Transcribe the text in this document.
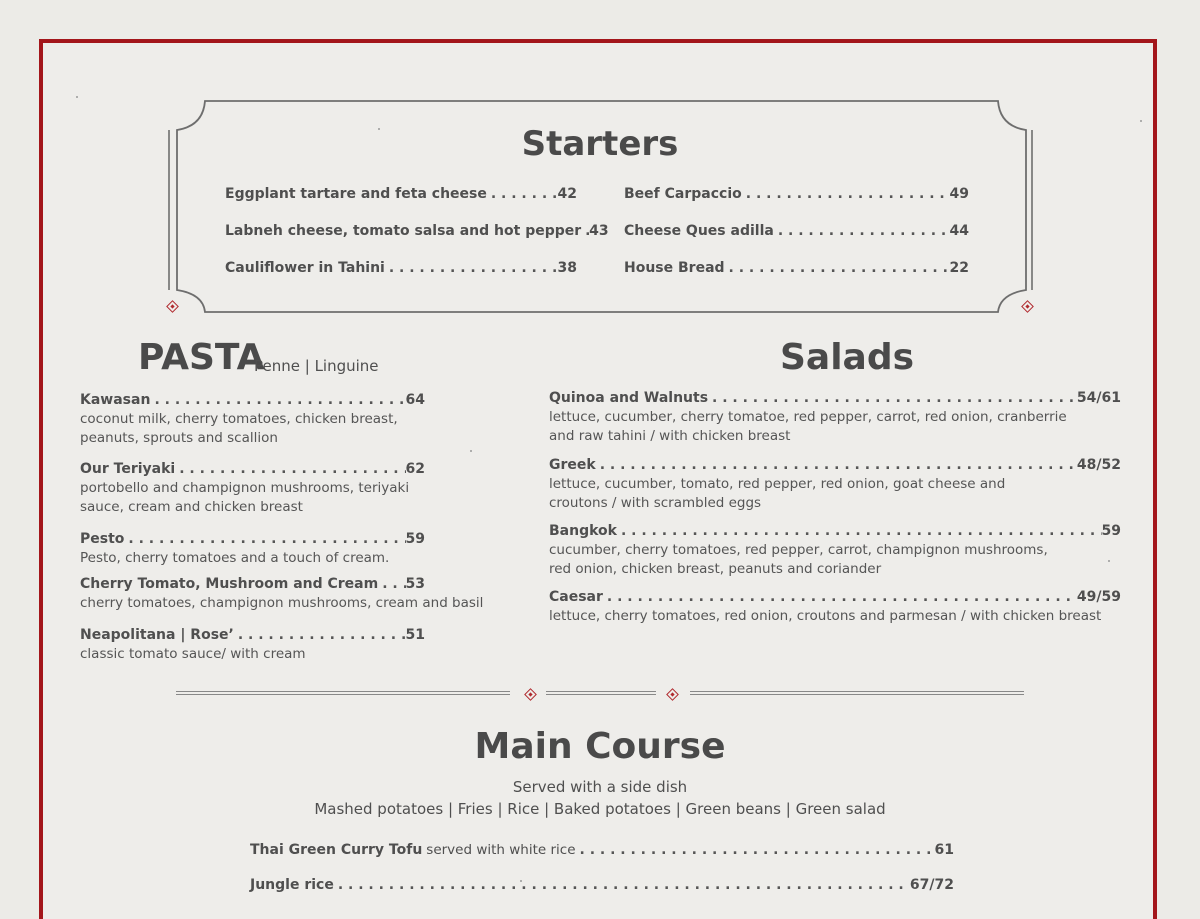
Starters
Eggplant tartare and feta cheese . . .	42
Labneh cheese, tomato salsa and hot pepper . . . 43
Cauliflower in Tahini . . .	38
Beef Carpaccio . . .	49
Cheese Ques adilla . . .	44
House Bread . . .	22
PASTA
Penne | Linguine
Kawasan . . .	64
coconut milk, cherry tomatoes, chicken breast,
peanuts, sprouts and scallion
Our Teriyaki . . .	62
portobello and champignon mushrooms, teriyaki
sauce, cream and chicken breast
Pesto . . .	59
Pesto, cherry tomatoes and a touch of cream.
Cherry Tomato, Mushroom and Cream . . . 53
cherry tomatoes, champignon mushrooms, cream and basil
Neapolitana | Rose’ . . .	51
classic tomato sauce/ with cream
Salads
Quinoa and Walnuts . . .	54/61
lettuce, cucumber, cherry tomatoe, red pepper, carrot, red onion, cranberrie
and raw tahini / with chicken breast
Greek . . .	48/52
lettuce, cucumber, tomato, red pepper, red onion, goat cheese and
croutons / with scrambled eggs
Bangkok . . .	59
cucumber, cherry tomatoes, red pepper, carrot, champignon mushrooms,
red onion, chicken breast, peanuts and coriander
Caesar . . .	49/59
lettuce, cherry tomatoes, red onion, croutons and parmesan / with chicken breast
Main Course
Served with a side dish
Mashed potatoes | Fries | Rice | Baked potatoes | Green beans | Green salad
Thai Green Curry Tofu served with white rice . . .	61
Jungle rice . . .	67/72
